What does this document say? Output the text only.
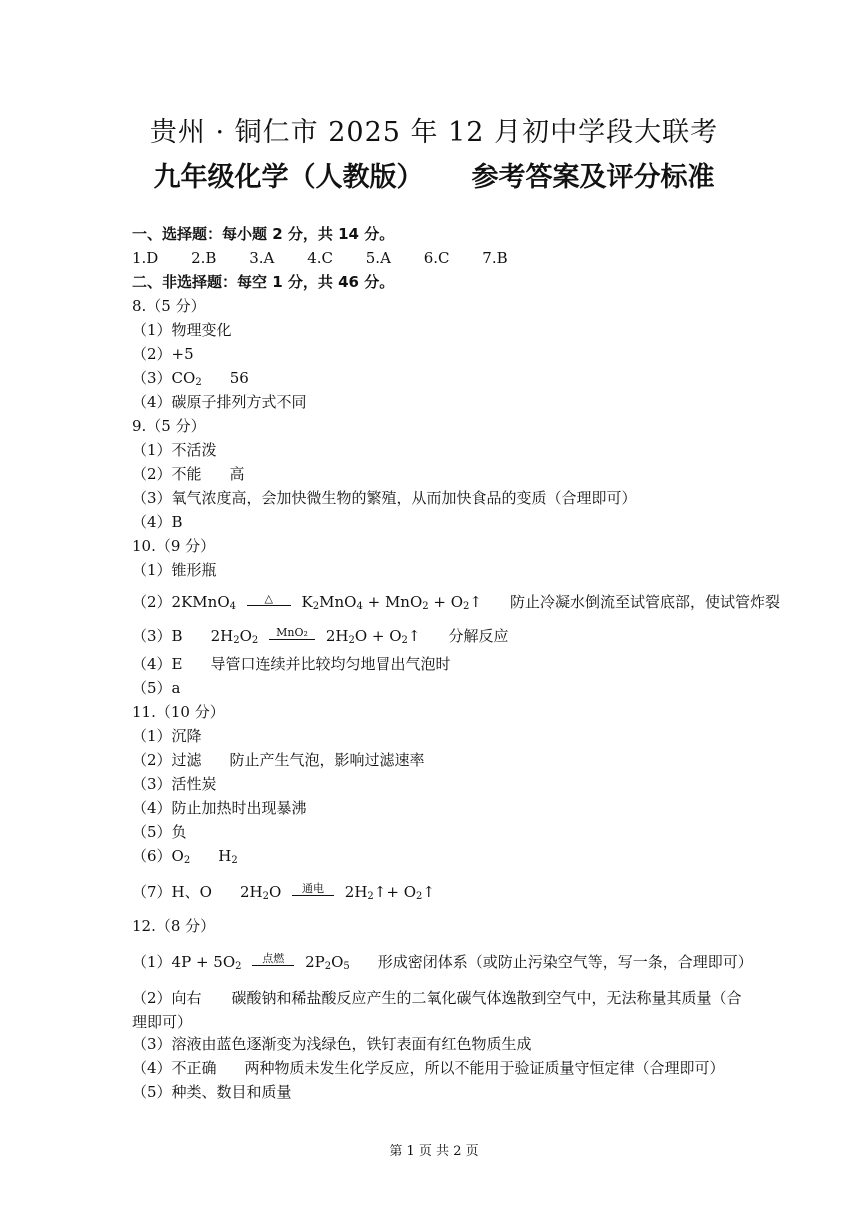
贵州 · 铜仁市 2025 年 12 月初中学段大联考
九年级化学（人教版） 参考答案及评分标准
一、选择题：每小题 2 分，共 14 分。
1.D 2.B 3.A 4.C 5.A 6.C 7.B
二、非选择题：每空 1 分，共 46 分。
8.（5 分）
（1）物理变化
（2）+5
$(3)CO_2$ 56
（4）碳原子排列方式不同
9.（5 分）
（1）不活泼
（2）不能 高
（3）氧气浓度高，会加快微生物的繁殖，从而加快食品的变质（合理即可）
（4）B
10.（9 分）
（1）锥形瓶
（2）2KMnO$_4$
△	$K_2MnO_4 + MnO_2$ + $O_2↑$ 防止冷凝水倒流至试管底部，使试管炸裂
（3）B $2H_2O_2$
MnO₂ $2H_2O$ + $O_2↑$ 分解反应
（4）E 导管口连续并比较均匀地冒出气泡时
（5）a
11.（10 分）
（1）沉降
（2）过滤 防止产生气泡，影响过滤速率
（3）活性炭
（4）防止加热时出现暴沸
（5）负
$(6)O_2$ $H_2$
（7）H、O $2H_2O$	通电	$2H_2↑+$ $O_2↑$
12.（8 分）
$(1)4P + 5O_2$
点燃	$2P_2O_5$ 形成密闭体系（或防止污染空气等，写一条，合理即可）
（2）向右　　碳酸钠和稀盐酸反应产生的二氧化碳气体逸散到空气中，无法称量其质量（合理即可）
（3）溶液由蓝色逐渐变为浅绿色，铁钉表面有红色物质生成
（4）不正确 两种物质未发生化学反应，所以不能用于验证质量守恒定律（合理即可）
（5）种类、数目和质量
第 1 页 共 2 页
